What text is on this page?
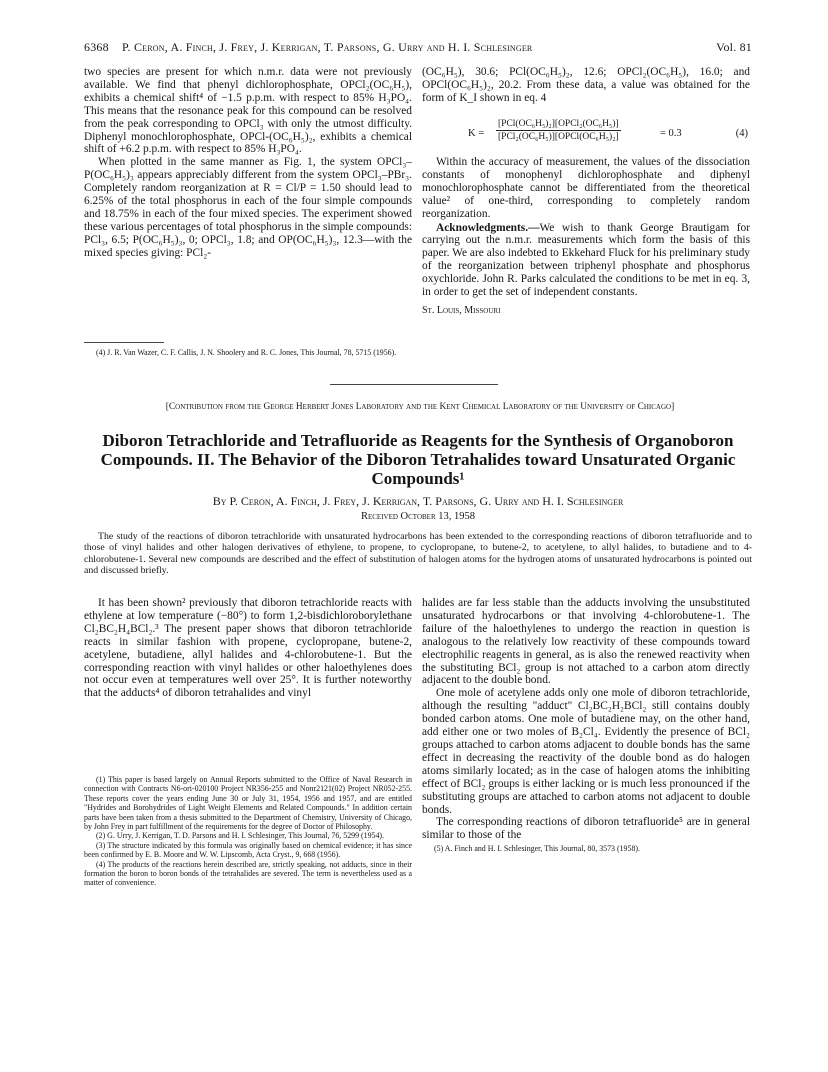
6368 P. Ceron, A. Finch, J. Frey, J. Kerrigan, T. Parsons, G. Urry and H. I. Schlesinger	Vol. 81

two species are present for which n.m.r. data were not previously available. We find that phenyl dichlorophosphate, OPCl₂(OC₆H₅), exhibits a chemical shift⁴ of −1.5 p.p.m. with respect to 85% H₃PO₄. This means that the resonance peak for this compound can be resolved from the peak corresponding to OPCl₃ with only the utmost difficulty. Diphenyl monochlorophosphate, OPCl-(OC₆H₅)₂, exhibits a chemical shift of +6.2 p.p.m. with respect to 85% H₃PO₄.

When plotted in the same manner as Fig. 1, the system OPCl₃–P(OC₆H₅)₃ appears appreciably different from the system OPCl₃–PBr₃. Completely random reorganization at R = Cl/P = 1.50 should lead to 6.25% of the total phosphorus in each of the four simple compounds and 18.75% in each of the four mixed species. The experiment showed these various percentages of total phosphorus in the simple compounds: PCl₃, 6.5; P(OC₆H₅)₃, 0; OPCl₃, 1.8; and OP(OC₆H₅)₃, 12.3—with the mixed species giving: PCl₂-

(4) J. R. Van Wazer, C. F. Callis, J. N. Shoolery and R. C. Jones, This Journal, 78, 5715 (1956).

(OC₆H₅), 30.6; PCl(OC₆H₅)₂, 12.6; OPCl₂(OC₆H₅), 16.0; and OPCl(OC₆H₅)₂, 20.2. From these data, a value was obtained for the form of K_I shown in eq. 4

K =
[PCl(OC₆H₅)₂][OPCl₂(OC₆H₅)]
[PCl₂(OC₆H₅)][OPCl(OC₆H₅)₂]	= 0.3	(4)

Within the accuracy of measurement, the values of the dissociation constants of monophenyl dichlorophosphate and diphenyl monochlorophosphate cannot be differentiated from the theoretical value² of one-third, corresponding to completely random reorganization.

Acknowledgments.—We wish to thank George Brautigam for carrying out the n.m.r. measurements which form the basis of this paper. We are also indebted to Ekkehard Fluck for his preliminary study of the reorganization between triphenyl phosphate and phosphorus oxychloride. John R. Parks calculated the conditions to be met in eq. 3, in order to get the set of independent constants.

St. Louis, Missouri

[Contribution from the George Herbert Jones Laboratory and the Kent Chemical Laboratory of the University of Chicago]
Diboron Tetrachloride and Tetrafluoride as Reagents for the Synthesis of Organoboron Compounds. II. The Behavior of the Diboron Tetrahalides toward Unsaturated Organic Compounds¹
By P. Ceron, A. Finch, J. Frey, J. Kerrigan, T. Parsons, G. Urry and H. I. Schlesinger
Received October 13, 1958
The study of the reactions of diboron tetrachloride with unsaturated hydrocarbons has been extended to the corresponding reactions of diboron tetrafluoride and to those of vinyl halides and other halogen derivatives of ethylene, to propene, to cyclopropane, to butene-2, to acetylene, to allyl halides, to butadiene and to 4-chlorobutene-1. Several new compounds are described and the effect of substitution of halogen atoms for the hydrogen atoms of unsaturated hydrocarbons is pointed out and discussed briefly.

It has been shown² previously that diboron tetrachloride reacts with ethylene at low temperature (−80°) to form 1,2-bisdichloroborylethane Cl₂BC₂H₄BCl₂.³ The present paper shows that diboron tetrachloride reacts in similar fashion with propene, cyclopropane, butene-2, acetylene, butadiene, allyl halides and 4-chlorobutene-1. But the corresponding reaction with vinyl halides or other haloethylenes does not occur even at temperatures well over 25°. It is further noteworthy that the adducts⁴ of diboron tetrahalides and vinyl

(1) This paper is based largely on Annual Reports submitted to the Office of Naval Research in connection with Contracts N6-ori-020100 Project NR356-255 and Nonr2121(02) Project NR052-255. These reports cover the years ending June 30 or July 31, 1954, 1956 and 1957, and are entitled "Hydrides and Borohydrides of Light Weight Elements and Related Compounds." In addition certain parts have been taken from a thesis submitted to the Department of Chemistry, University of Chicago, by John Frey in part fulfillment of the requirements for the degree of Doctor of Philosophy.

(2) G. Urry, J. Kerrigan, T. D. Parsons and H. I. Schlesinger, This Journal, 76, 5299 (1954).

(3) The structure indicated by this formula was originally based on chemical evidence; it has since been confirmed by E. B. Moore and W. W. Lipscomb, Acta Cryst., 9, 668 (1956).

(4) The products of the reactions herein described are, strictly speaking, not adducts, since in their formation the boron to boron bonds of the tetrahalides are severed. The term is nevertheless used as a matter of convenience.

halides are far less stable than the adducts involving the unsubstituted unsaturated hydrocarbons or that involving 4-chlorobutene-1. The failure of the haloethylenes to undergo the reaction in question is analogous to the relatively low reactivity of these compounds toward electrophilic reagents in general, as is also the renewed reactivity when the substituting BCl₂ group is not attached to a carbon atom directly adjacent to the double bond.

One mole of acetylene adds only one mole of diboron tetrachloride, although the resulting "adduct" Cl₂BC₂H₂BCl₂ still contains doubly bonded carbon atoms. One mole of butadiene may, on the other hand, add either one or two moles of B₂Cl₄. Evidently the presence of BCl₂ groups attached to carbon atoms adjacent to double bonds has the same effect in decreasing the reactivity of the double bond as do halogen atoms similarly located; as in the case of halogen atoms the inhibiting effect of BCl₂ groups is either lacking or is much less pronounced if the substituting groups are attached to carbon atoms not adjacent to double bonds.

The corresponding reactions of diboron tetrafluoride⁵ are in general similar to those of the

(5) A. Finch and H. I. Schlesinger, This Journal, 80, 3573 (1958).
